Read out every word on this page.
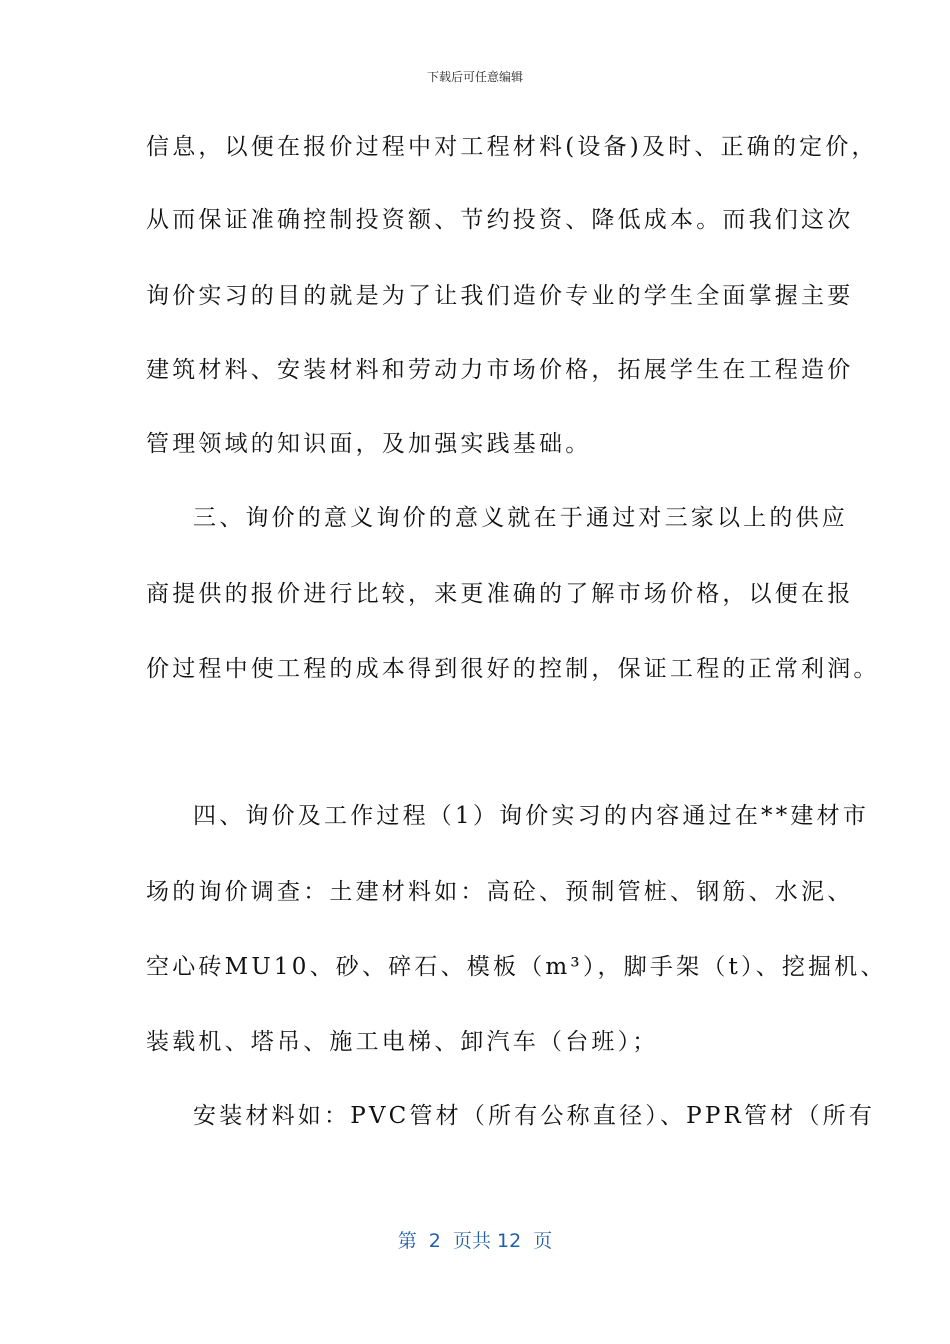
下载后可任意编辑
信息，以便在报价过程中对工程材料(设备)及时、正确的定价，
从而保证准确控制投资额、节约投资、降低成本。而我们这次
询价实习的目的就是为了让我们造价专业的学生全面掌握主要
建筑材料、安装材料和劳动力市场价格，拓展学生在工程造价
管理领域的知识面，及加强实践基础。
三、询价的意义询价的意义就在于通过对三家以上的供应
商提供的报价进行比较，来更准确的了解市场价格，以便在报
价过程中使工程的成本得到很好的控制，保证工程的正常利润。
四、询价及工作过程（1）询价实习的内容通过在**建材市
场的询价调查：土建材料如：高砼、预制管桩、钢筋、水泥、
空心砖MU10、砂、碎石、模板（m³），脚手架（t）、挖掘机、
装载机、塔吊、施工电梯、卸汽车（台班）；
安装材料如：PVC管材（所有公称直径）、PPR管材（所有
第  2  页共 12  页
